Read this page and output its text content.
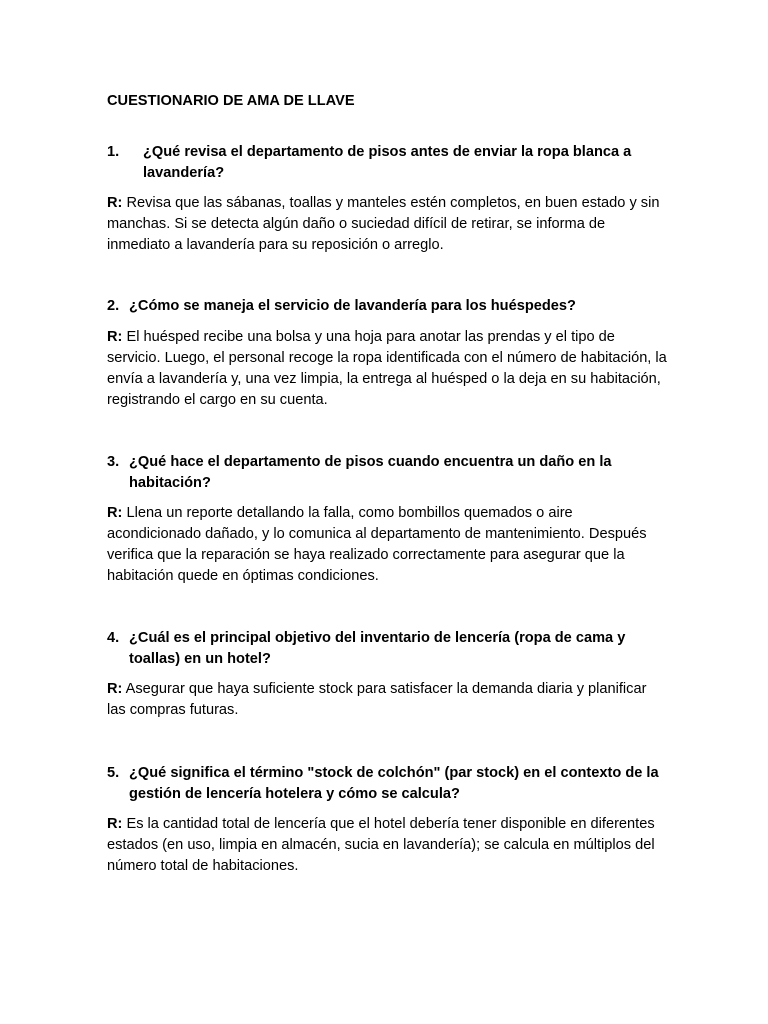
CUESTIONARIO DE AMA DE LLAVE

1. ¿Qué revisa el departamento de pisos antes de enviar la ropa blanca a lavandería?

R: Revisa que las sábanas, toallas y manteles estén completos, en buen estado y sin manchas. Si se detecta algún daño o suciedad difícil de retirar, se informa de inmediato a lavandería para su reposición o arreglo.

2. ¿Cómo se maneja el servicio de lavandería para los huéspedes?

R: El huésped recibe una bolsa y una hoja para anotar las prendas y el tipo de servicio. Luego, el personal recoge la ropa identificada con el número de habitación, la envía a lavandería y, una vez limpia, la entrega al huésped o la deja en su habitación, registrando el cargo en su cuenta.

3. ¿Qué hace el departamento de pisos cuando encuentra un daño en la habitación?

R: Llena un reporte detallando la falla, como bombillos quemados o aire acondicionado dañado, y lo comunica al departamento de mantenimiento. Después verifica que la reparación se haya realizado correctamente para asegurar que la habitación quede en óptimas condiciones.

4. ¿Cuál es el principal objetivo del inventario de lencería (ropa de cama y toallas) en un hotel?

R: Asegurar que haya suficiente stock para satisfacer la demanda diaria y planificar las compras futuras.

5. ¿Qué significa el término "stock de colchón" (par stock) en el contexto de la gestión de lencería hotelera y cómo se calcula?

R: Es la cantidad total de lencería que el hotel debería tener disponible en diferentes estados (en uso, limpia en almacén, sucia en lavandería); se calcula en múltiplos del número total de habitaciones.
